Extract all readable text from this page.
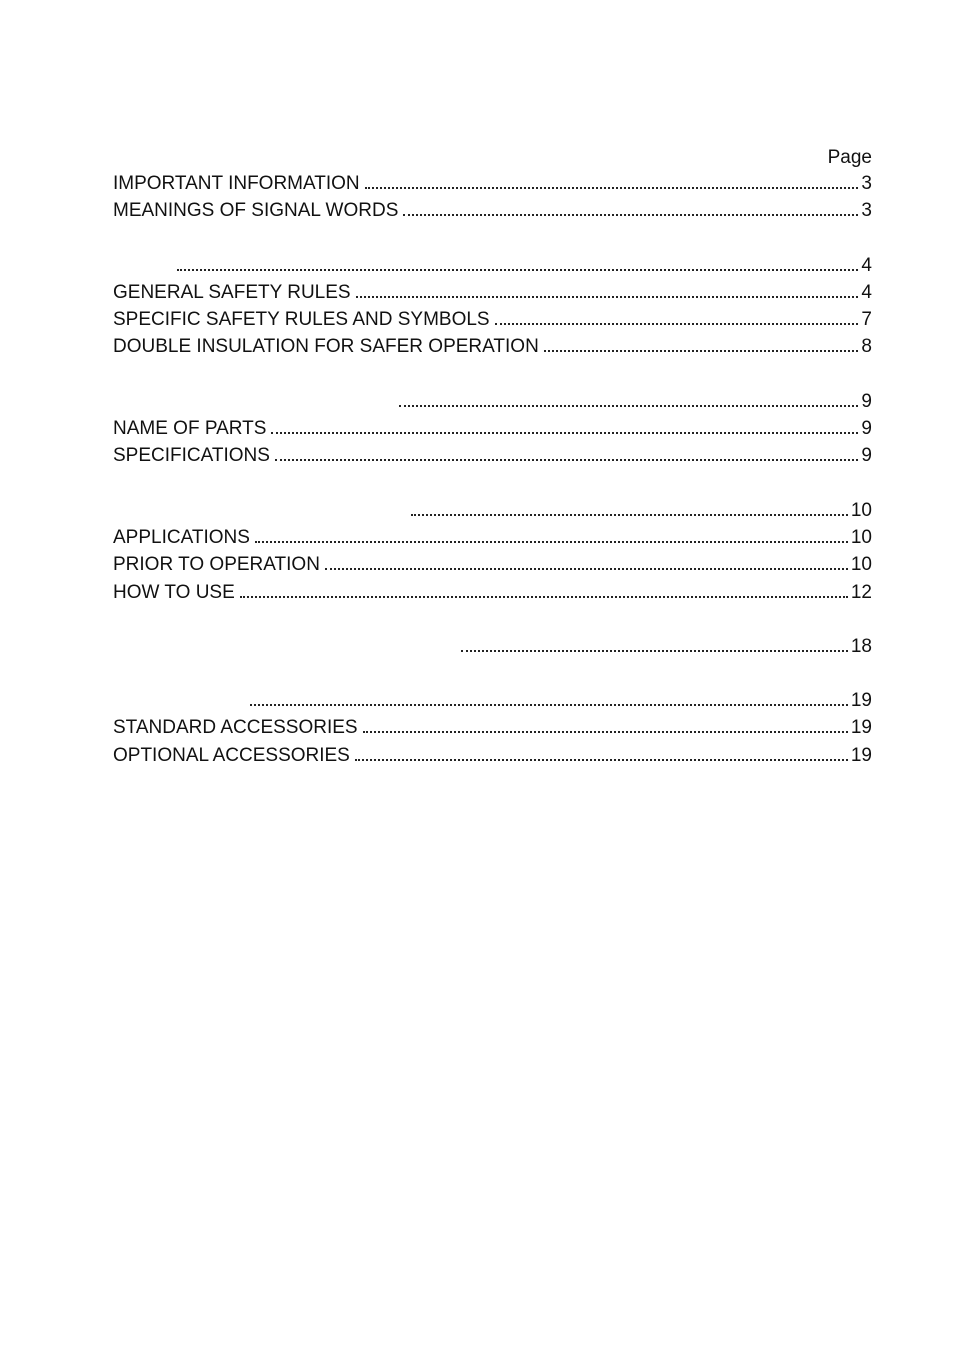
Page
IMPORTANT INFORMATION	3
MEANINGS OF SIGNAL WORDS	3
4
GENERAL SAFETY RULES	4
SPECIFIC SAFETY RULES AND SYMBOLS	7
DOUBLE INSULATION FOR SAFER OPERATION	8
9
NAME OF PARTS	9
SPECIFICATIONS	9
10
APPLICATIONS	10
PRIOR TO OPERATION	10
HOW TO USE	12
18
19
STANDARD ACCESSORIES	19
OPTIONAL ACCESSORIES	19
